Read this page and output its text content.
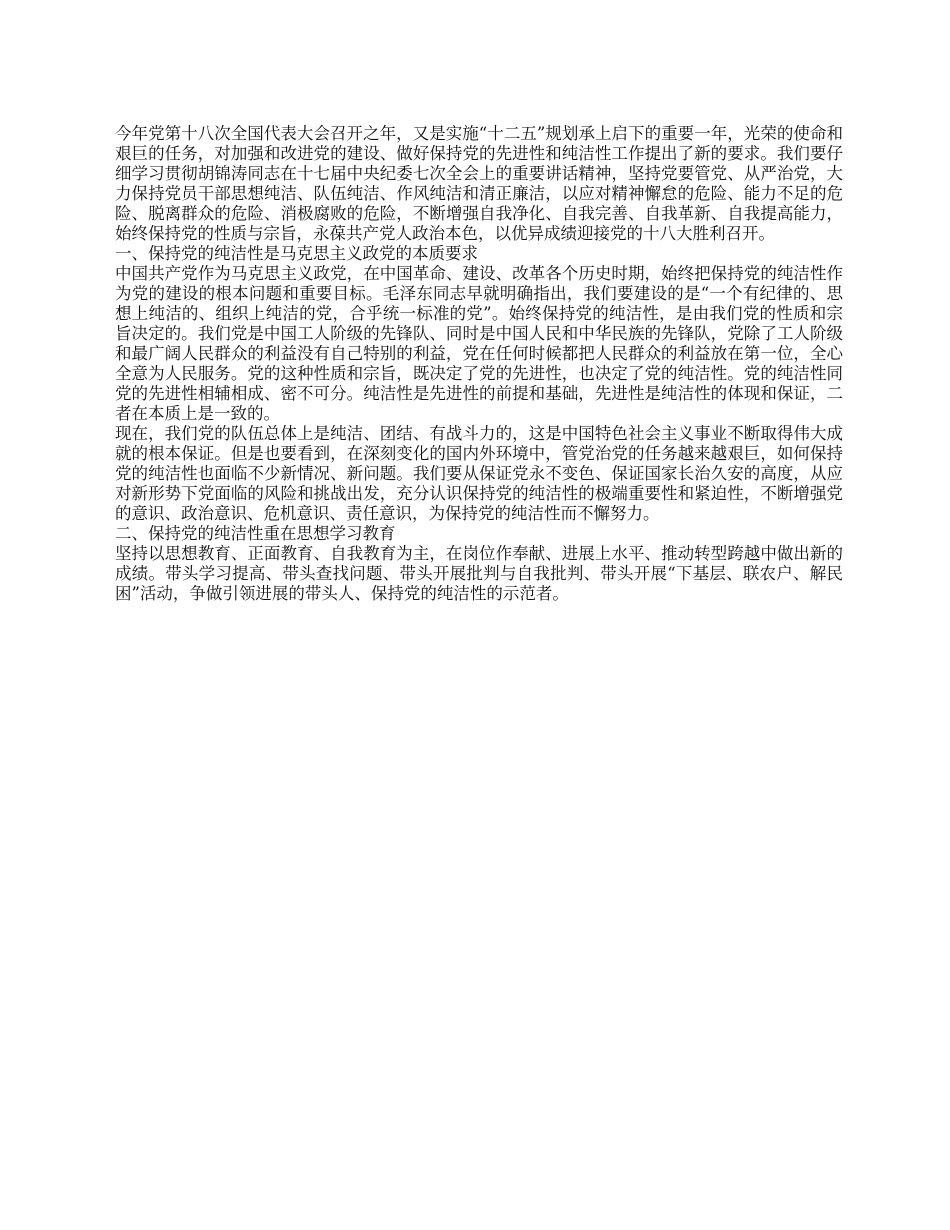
今年党第十八次全国代表大会召开之年，又是实施“十二五”规划承上启下的重要一年，光荣的使命和艰巨的任务，对加强和改进党的建设、做好保持党的先进性和纯洁性工作提出了新的要求。我们要仔细学习贯彻胡锦涛同志在十七届中央纪委七次全会上的重要讲话精神，坚持党要管党、从严治党，大力保持党员干部思想纯洁、队伍纯洁、作风纯洁和清正廉洁，以应对精神懈怠的危险、能力不足的危险、脱离群众的危险、消极腐败的危险，不断增强自我净化、自我完善、自我革新、自我提高能力，始终保持党的性质与宗旨，永葆共产党人政治本色，以优异成绩迎接党的十八大胜利召开。

一、保持党的纯洁性是马克思主义政党的本质要求

中国共产党作为马克思主义政党，在中国革命、建设、改革各个历史时期，始终把保持党的纯洁性作为党的建设的根本问题和重要目标。毛泽东同志早就明确指出，我们要建设的是“一个有纪律的、思想上纯洁的、组织上纯洁的党，合乎统一标准的党”。始终保持党的纯洁性，是由我们党的性质和宗旨决定的。我们党是中国工人阶级的先锋队、同时是中国人民和中华民族的先锋队，党除了工人阶级和最广阔人民群众的利益没有自己特别的利益，党在任何时候都把人民群众的利益放在第一位，全心全意为人民服务。党的这种性质和宗旨，既决定了党的先进性，也决定了党的纯洁性。党的纯洁性同党的先进性相辅相成、密不可分。纯洁性是先进性的前提和基础，先进性是纯洁性的体现和保证，二者在本质上是一致的。

现在，我们党的队伍总体上是纯洁、团结、有战斗力的，这是中国特色社会主义事业不断取得伟大成就的根本保证。但是也要看到，在深刻变化的国内外环境中，管党治党的任务越来越艰巨，如何保持党的纯洁性也面临不少新情况、新问题。我们要从保证党永不变色、保证国家长治久安的高度，从应对新形势下党面临的风险和挑战出发，充分认识保持党的纯洁性的极端重要性和紧迫性，不断增强党的意识、政治意识、危机意识、责任意识，为保持党的纯洁性而不懈努力。

二、保持党的纯洁性重在思想学习教育

坚持以思想教育、正面教育、自我教育为主，在岗位作奉献、进展上水平、推动转型跨越中做出新的成绩。带头学习提高、带头查找问题、带头开展批判与自我批判、带头开展“下基层、联农户、解民困”活动，争做引领进展的带头人、保持党的纯洁性的示范者。
